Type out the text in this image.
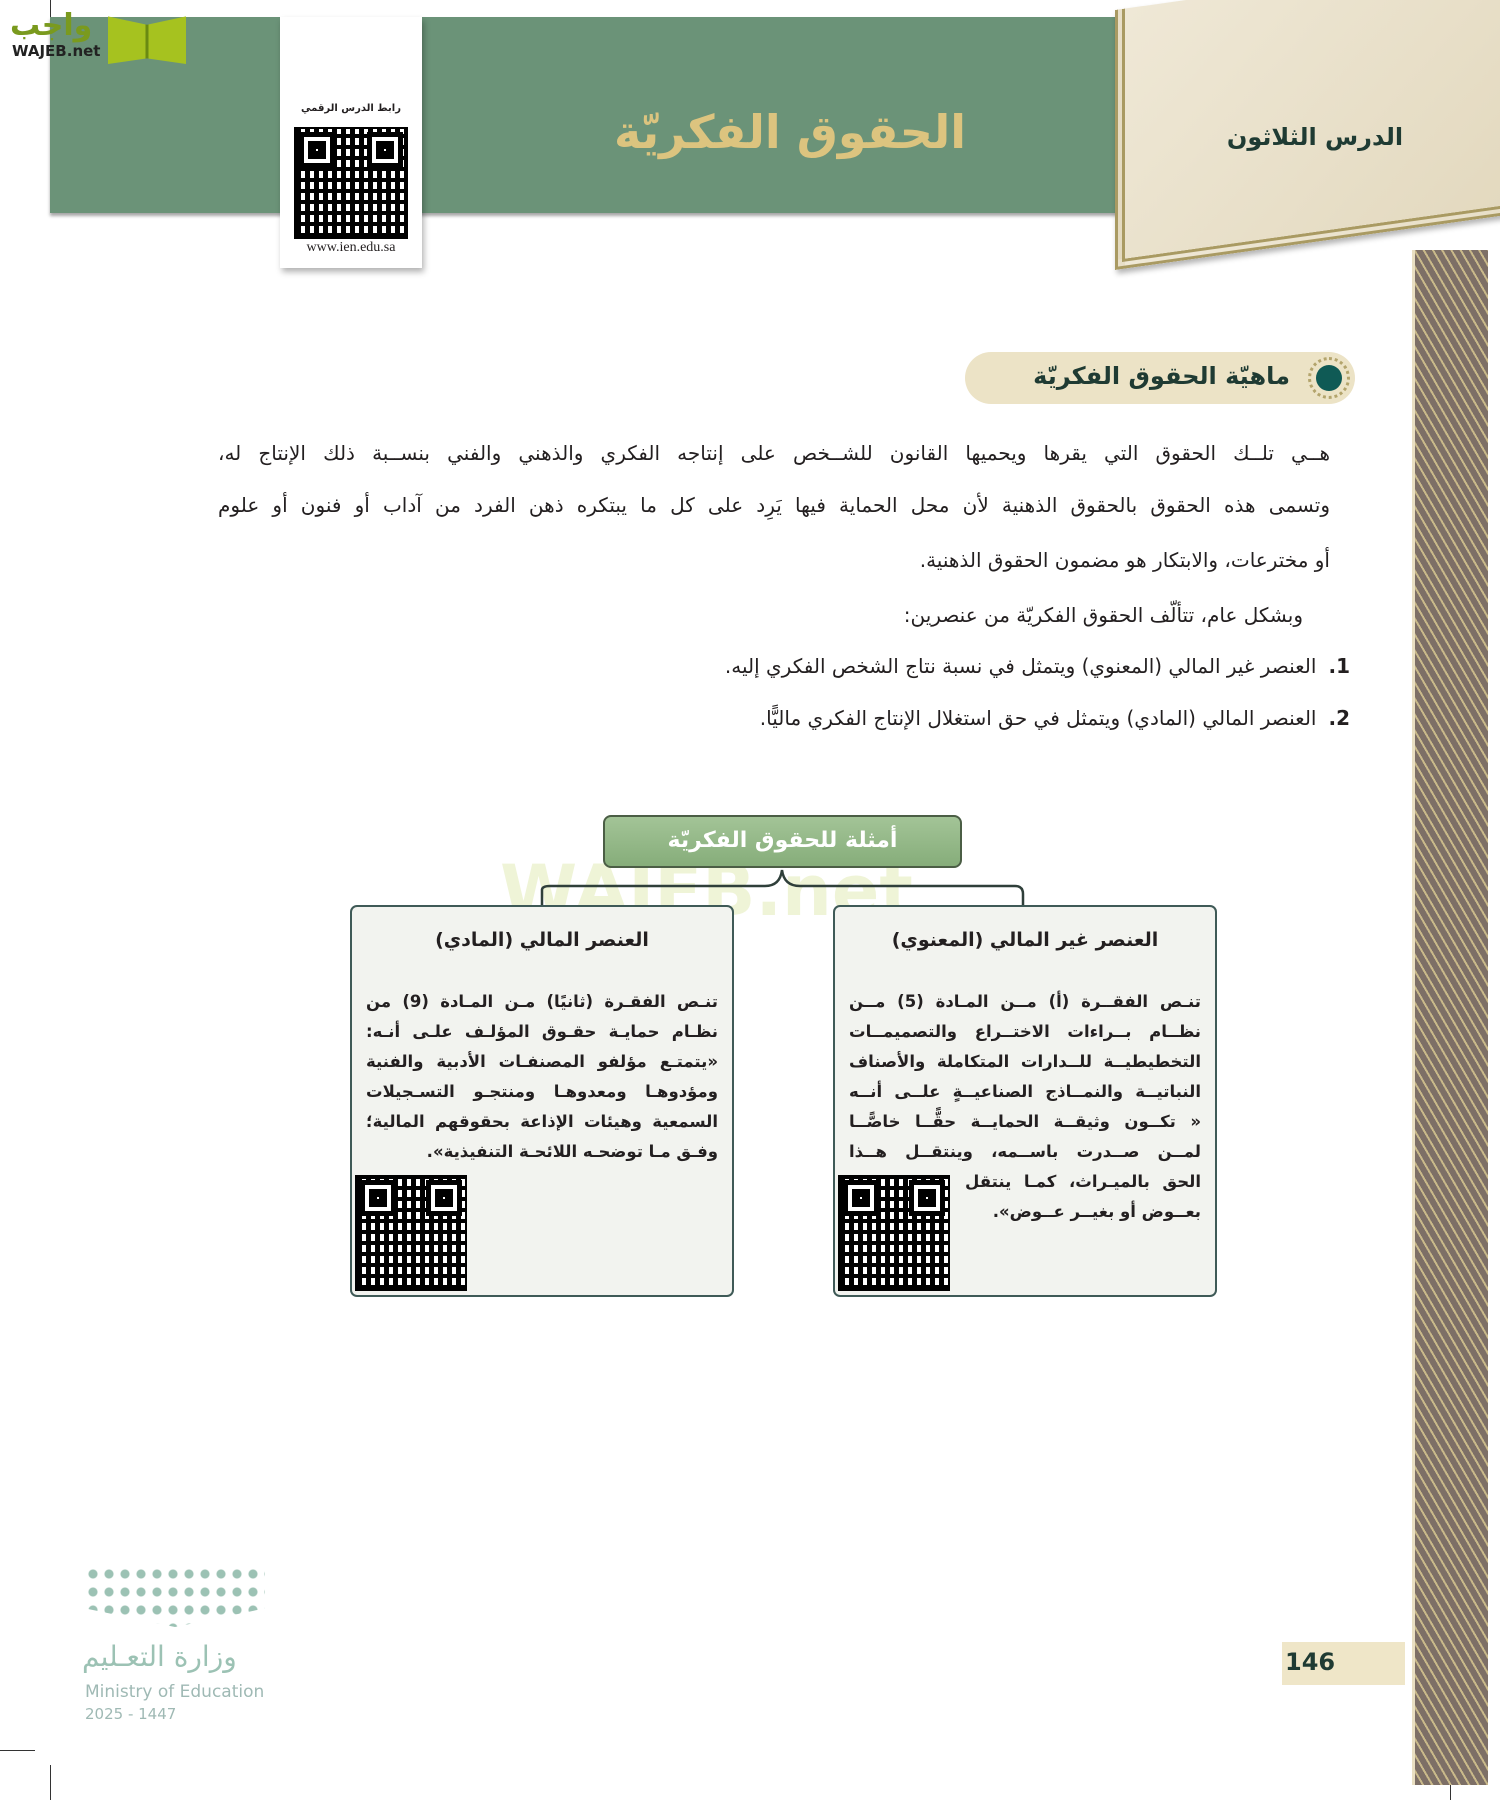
الحقوق الفكريّة	الدرس الثلاثون
رابط الدرس الرقمي
www.ien.edu.sa
واجب
WAJEB.net
ماهيّة الحقوق الفكريّة
هــي تلــك الحقوق التي يقرها ويحميها القانون للشــخص على إنتاجه الفكري والذهني والفني بنســبة ذلك الإنتاج له،
وتسمى هذه الحقوق بالحقوق الذهنية لأن محل الحماية فيها يَرِد على كل ما يبتكره ذهن الفرد من آداب أو فنون أو علوم
أو مخترعات، والابتكار هو مضمون الحقوق الذهنية.
وبشكل عام، تتألّف الحقوق الفكريّة من عنصرين:
1.العنصر غير المالي (المعنوي) ويتمثل في نسبة نتاج الشخص الفكري إليه.
2.العنصر المالي (المادي) ويتمثل في حق استغلال الإنتاج الفكري ماليًّا.
WAJEB.net
أمثلة للحقوق الفكريّة
العنصر غير المالي (المعنوي)
تنـص الفقــرة (أ) مــن المـادة (5) مــن
نظــام بــراءات الاختــراع والتصميمــات
التخطيطيــة للــدارات المتكاملة والأصناف
النباتيــة والنمــاذج الصناعيــةٍ علــى أنــه
« تكــون وثيقــة الحمايــة حقًّــا خاصًّــا
لمــن صــدرت باســمه، وينتقــل هــذا
الحق بالميـراث، كمـا ينتقل
بعــوض أو بغيــر عــوض».
العنصر المالي (المادي)
تنـص الفقـرة (ثانيًا) مـن المـادة (9) من
نظـام حمايـة حقـوق المؤلـف علـى أنـه:
«يتمتـع مؤلفو المصنفـات الأدبية والفنية
ومؤدوهـا ومعدوهـا ومنتجـو التسـجيلات
السمعية وهيئات الإذاعة بحقوقهم المالية؛
وفـق مـا توضحـه اللائحـة التنفيذية».
وزارة التعـليم
Ministry of Education
2025 - 1447
146
